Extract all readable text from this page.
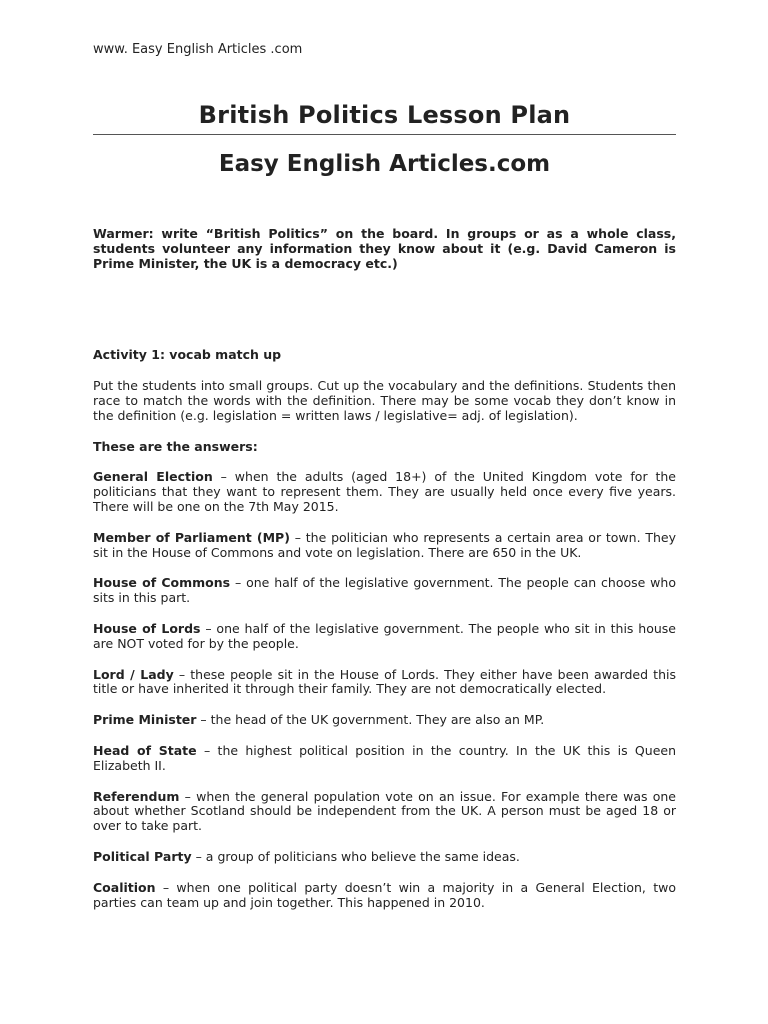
www. Easy English Articles .com
British Politics Lesson Plan
Easy English Articles.com

Warmer: write “British Politics” on the board. In groups or as a whole class, students volunteer any information they know about it (e.g. David Cameron is Prime Minister, the UK is a democracy etc.)

Activity 1: vocab match up

Put the students into small groups. Cut up the vocabulary and the definitions. Students then race to match the words with the definition. There may be some vocab they don’t know in the definition (e.g. legislation = written laws / legislative= adj. of legislation).

These are the answers:

General Election – when the adults (aged 18+) of the United Kingdom vote for the politicians that they want to represent them. They are usually held once every five years. There will be one on the 7th May 2015.

Member of Parliament (MP) – the politician who represents a certain area or town. They sit in the House of Commons and vote on legislation. There are 650 in the UK.

House of Commons – one half of the legislative government. The people can choose who sits in this part.

House of Lords – one half of the legislative government. The people who sit in this house are NOT voted for by the people.

Lord / Lady – these people sit in the House of Lords. They either have been awarded this title or have inherited it through their family. They are not democratically elected.

Prime Minister – the head of the UK government. They are also an MP.

Head of State – the highest political position in the country. In the UK this is Queen Elizabeth II.

Referendum – when the general population vote on an issue. For example there was one about whether Scotland should be independent from the UK. A person must be aged 18 or over to take part.

Political Party – a group of politicians who believe the same ideas.

Coalition – when one political party doesn’t win a majority in a General Election, two parties can team up and join together. This happened in 2010.
